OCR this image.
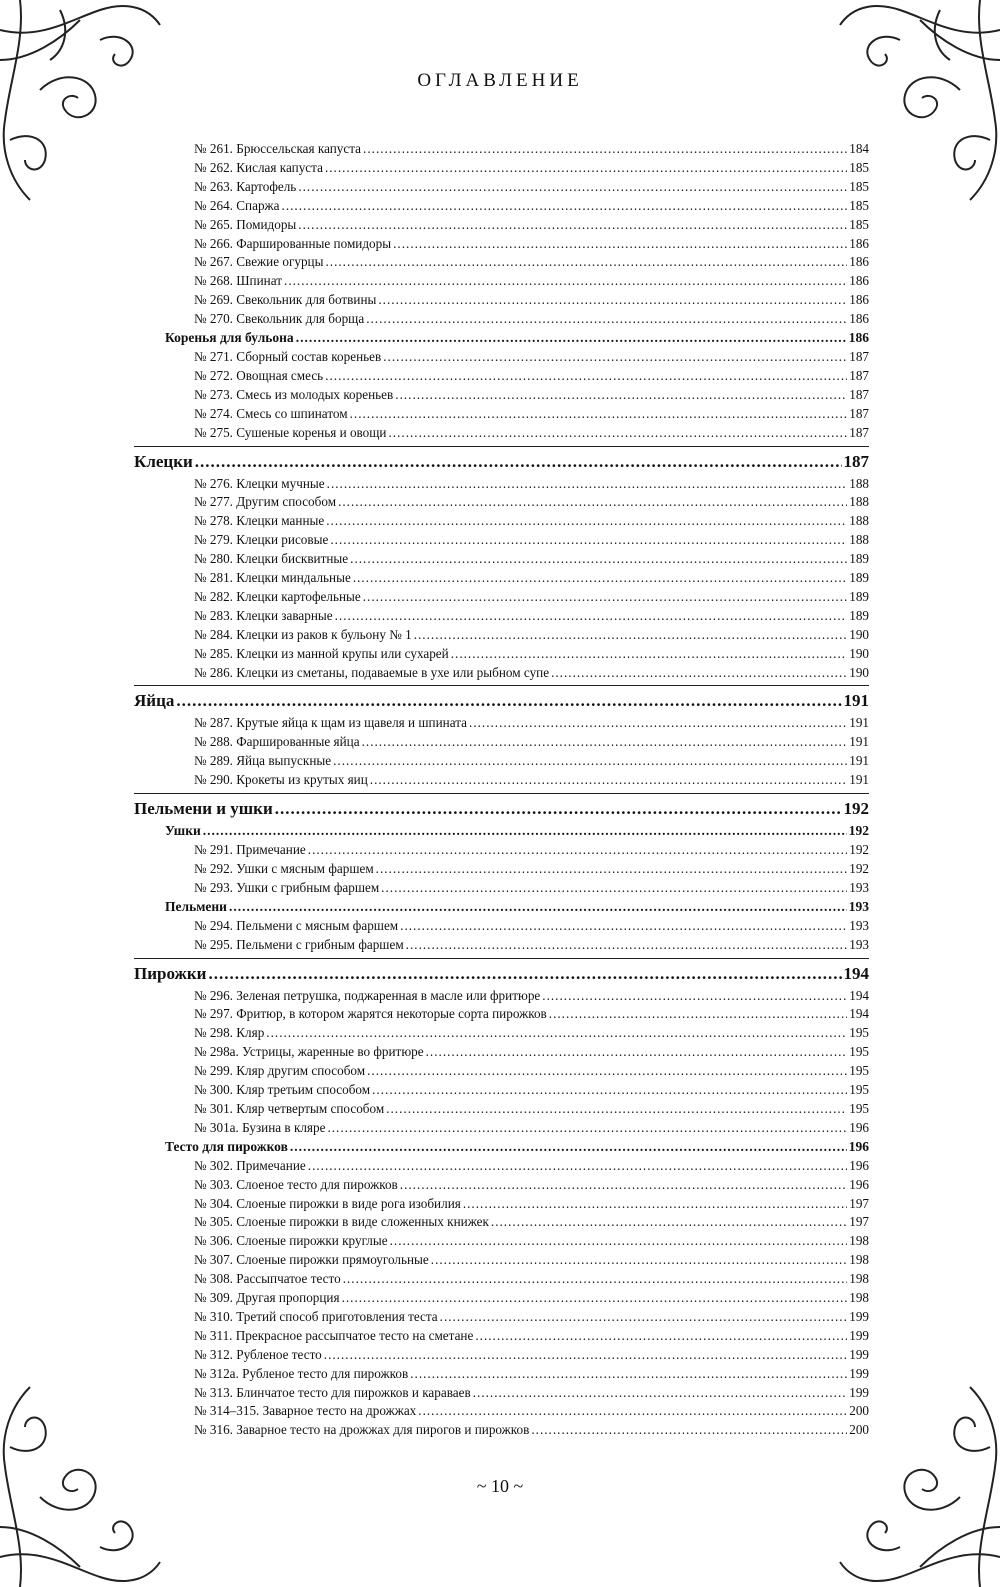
ОГЛАВЛЕНИЕ
№ 261. Брюссельская капуста .....	184
№ 262. Кислая капуста .....	185
№ 263. Картофель .....	185
№ 264. Спаржа .....	185
№ 265. Помидоры .....	185
№ 266. Фаршированные помидоры .....	186
№ 267. Свежие огурцы .....	186
№ 268. Шпинат .....	186
№ 269. Свекольник для ботвины .....	186
№ 270. Свекольник для борща .....	186
Коренья для бульона .....	186
№ 271. Сборный состав кореньев .....	187
№ 272. Овощная смесь .....	187
№ 273. Смесь из молодых кореньев .....	187
№ 274. Смесь со шпинатом .....	187
№ 275. Сушеные коренья и овощи .....	187
Клецки .....	187
№ 276. Клецки мучные .....	188
№ 277. Другим способом .....	188
№ 278. Клецки манные .....	188
№ 279. Клецки рисовые .....	188
№ 280. Клецки бисквитные .....	189
№ 281. Клецки миндальные .....	189
№ 282. Клецки картофельные .....	189
№ 283. Клецки заварные .....	189
№ 284. Клецки из раков к бульону № 1 .....	190
№ 285. Клецки из манной крупы или сухарей .....	190
№ 286. Клецки из сметаны, подаваемые в ухе или рыбном супе .....	190
Яйца .....	191
№ 287. Крутые яйца к щам из щавеля и шпината .....	191
№ 288. Фаршированные яйца .....	191
№ 289. Яйца выпускные .....	191
№ 290. Крокеты из крутых яиц .....	191
Пельмени и ушки .....	192
Ушки .....	192
№ 291. Примечание .....	192
№ 292. Ушки с мясным фаршем .....	192
№ 293. Ушки с грибным фаршем .....	193
Пельмени .....	193
№ 294. Пельмени с мясным фаршем .....	193
№ 295. Пельмени с грибным фаршем .....	193
Пирожки .....	194
№ 296. Зеленая петрушка, поджаренная в масле или фритюре .....	194
№ 297. Фритюр, в котором жарятся некоторые сорта пирожков .....	194
№ 298. Кляр .....	195
№ 298а. Устрицы, жаренные во фритюре .....	195
№ 299. Кляр другим способом .....	195
№ 300. Кляр третьим способом .....	195
№ 301. Кляр четвертым способом .....	195
№ 301а. Бузина в кляре .....	196
Тесто для пирожков .....	196
№ 302. Примечание .....	196
№ 303. Слоеное тесто для пирожков .....	196
№ 304. Слоеные пирожки в виде рога изобилия .....	197
№ 305. Слоеные пирожки в виде сложенных книжек .....	197
№ 306. Слоеные пирожки круглые .....	198
№ 307. Слоеные пирожки прямоугольные .....	198
№ 308. Рассыпчатое тесто .....	198
№ 309. Другая пропорция .....	198
№ 310. Третий способ приготовления теста .....	199
№ 311. Прекрасное рассыпчатое тесто на сметане .....	199
№ 312. Рубленое тесто .....	199
№ 312а. Рубленое тесто для пирожков .....	199
№ 313. Блинчатое тесто для пирожков и караваев .....	199
№ 314–315. Заварное тесто на дрожжах .....	200
№ 316. Заварное тесто на дрожжах для пирогов и пирожков .....	200
~ 10 ~
